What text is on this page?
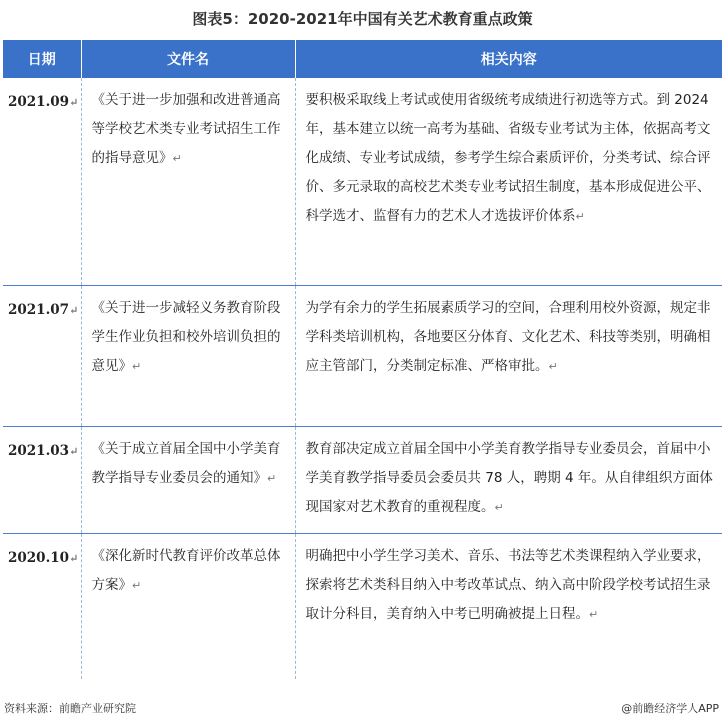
图表5：2020-2021年中国有关艺术教育重点政策
日期	文件名	相关内容
2021.09↵	《关于进一步加强和改进普通高等学校艺术类专业考试招生工作的指导意见》↵	要积极采取线上考试或使用省级统考成绩进行初选等方式。到 2024 年，基本建立以统一高考为基础、省级专业考试为主体，依据高考文化成绩、专业考试成绩，参考学生综合素质评价，分类考试、综合评价、多元录取的高校艺术类专业考试招生制度，基本形成促进公平、科学选才、监督有力的艺术人才选拔评价体系↵
2021.07↵	《关于进一步减轻义务教育阶段学生作业负担和校外培训负担的意见》↵	为学有余力的学生拓展素质学习的空间，合理利用校外资源，规定非学科类培训机构，各地要区分体育、文化艺术、科技等类别，明确相应主管部门，分类制定标准、严格审批。↵
2021.03↵	《关于成立首届全国中小学美育教学指导专业委员会的通知》↵	教育部决定成立首届全国中小学美育教学指导专业委员会，首届中小学美育教学指导委员会委员共 78 人，聘期 4 年。从自律组织方面体现国家对艺术教育的重视程度。↵
2020.10↵	《深化新时代教育评价改革总体方案》↵	明确把中小学生学习美术、音乐、书法等艺术类课程纳入学业要求，探索将艺术类科目纳入中考改革试点、纳入高中阶段学校考试招生录取计分科目，美育纳入中考已明确被提上日程。↵
资料来源：前瞻产业研究院	@前瞻经济学人APP
